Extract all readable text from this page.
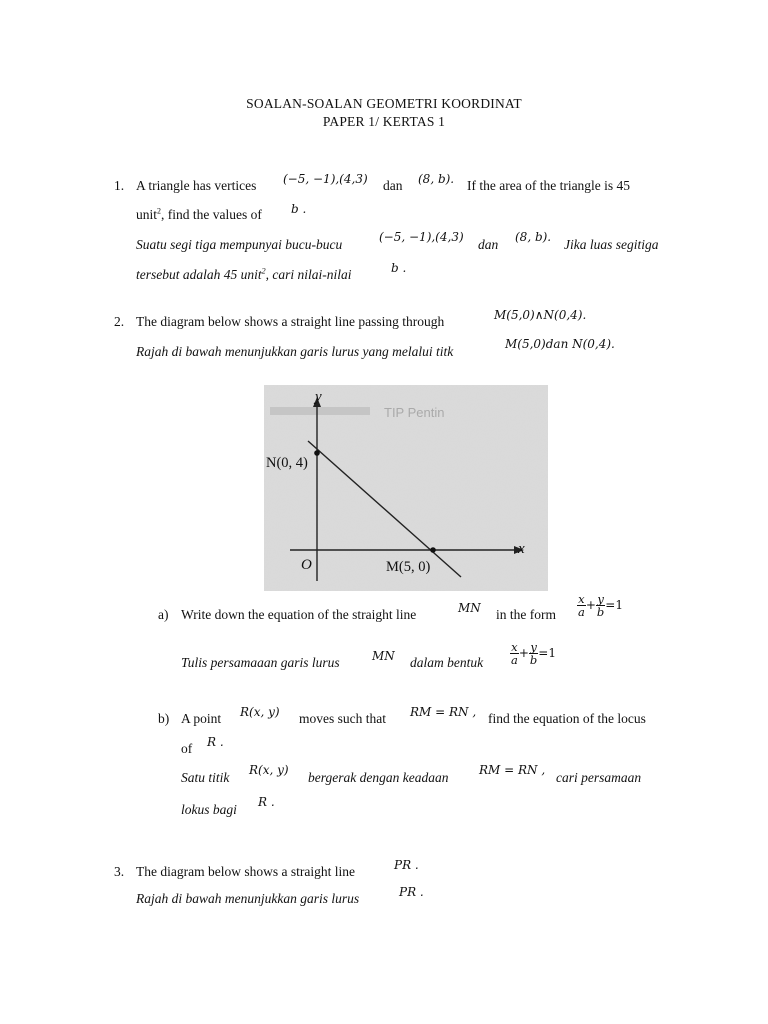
SOALAN-SOALAN GEOMETRI KOORDINAT
PAPER 1/ KERTAS 1
1. A triangle has vertices (−5, −1),(4,3) dan (8, b). If the area of the triangle is 45
unit$^2$, find the values of b .
Suatu segi tiga mempunyai bucu-bucu	(−5, −1),(4,3) dan (8, b). Jika luas segitiga
tersebut adalah 45 unit$^2$, cari nilai-nilai	b .
2. The diagram below shows a straight line passing through	M(5,0)∧N(0,4).
Rajah di bawah menunjukkan garis lurus yang melalui titk	M(5,0)dan N(0,4).
TIP Pentin
y
x
O
N(0, 4)
M(5, 0)
a) Write down the equation of the straight line	MN in the form $\frac{x}{a} + \frac{y}{b} =1$
Tulis persamaaan garis lurus	MN dalam bentuk $\frac{x}{a} + \frac{y}{b} =1$
b) A point R(x, y) moves such that RM = RN , find the equation of the locus
of R .
Satu titik R(x, y) bergerak dengan keadaan	RM = RN , cari persamaan
lokus bagi R .
3. The diagram below shows a straight line	PR .
Rajah di bawah menunjukkan garis lurus	PR .
